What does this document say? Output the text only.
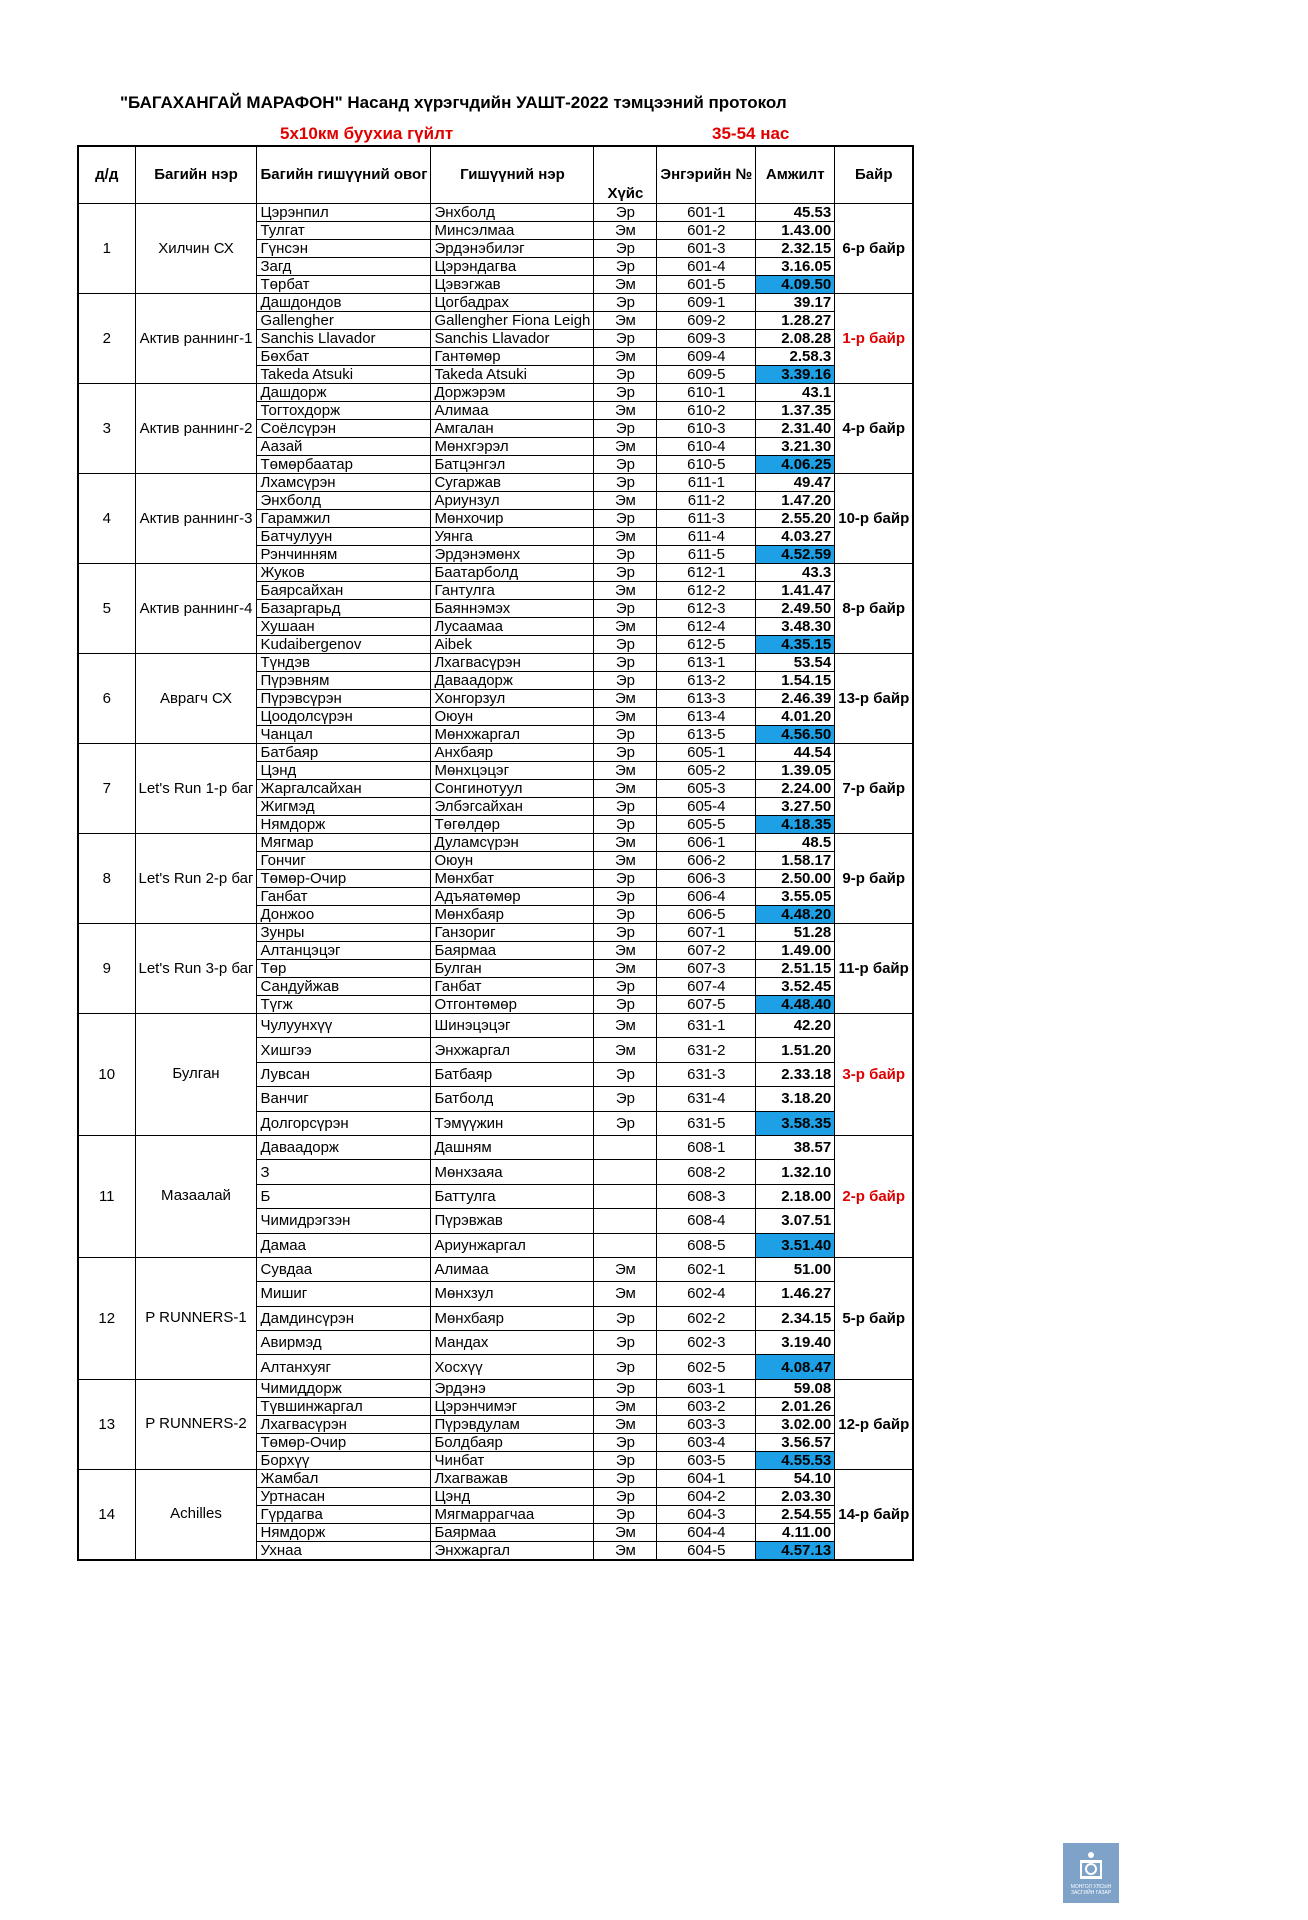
"БАГАХАНГАЙ МАРАФОН" Насанд хүрэгчдийн УАШТ-2022 тэмцээний протокол
5х10км буухиа гүйлт	35-54 нас
д/д	Багийн нэр	Багийн гишүүний овог	Гишүүний нэр	Хүйс	Энгэрийн №	Амжилт	Байр
1	Хилчин СХ	Цэрэнпил	Энхболд	Эр	601-1	45.53	6-р байр
		Тулгат	Минсэлмаа	Эм	601-2	1.43.00	
		Гүнсэн	Эрдэнэбилэг	Эр	601-3	2.32.15	
		Загд	Цэрэндагва	Эр	601-4	3.16.05	
		Төрбат	Цэвэгжав	Эм	601-5	4.09.50	
2	Актив раннинг-1	Дашдондов	Цогбадрах	Эр	609-1	39.17	1-р байр
		Gallengher	Gallengher Fiona Leigh	Эм	609-2	1.28.27	
		Sanchis Llavador	Sanchis Llavador	Эр	609-3	2.08.28	
		Бөхбат	Гантөмөр	Эм	609-4	2.58.3	
		Takeda Atsuki	Takeda Atsuki	Эр	609-5	3.39.16	
3	Актив раннинг-2	Дашдорж	Доржэрэм	Эр	610-1	43.1	4-р байр
		Тогтохдорж	Алимаа	Эм	610-2	1.37.35	
		Соёлсүрэн	Амгалан	Эр	610-3	2.31.40	
		Аазай	Мөнхгэрэл	Эм	610-4	3.21.30	
		Төмөрбаатар	Батцэнгэл	Эр	610-5	4.06.25	
4	Актив раннинг-3	Лхамсүрэн	Сугаржав	Эр	611-1	49.47	10-р байр
		Энхболд	Ариунзул	Эм	611-2	1.47.20	
		Гарамжил	Мөнхочир	Эр	611-3	2.55.20	
		Батчулуун	Уянга	Эм	611-4	4.03.27	
		Рэнчинням	Эрдэнэмөнх	Эр	611-5	4.52.59	
5	Актив раннинг-4	Жуков	Баатарболд	Эр	612-1	43.3	8-р байр
		Баярсайхан	Гантулга	Эм	612-2	1.41.47	
		Базаргарьд	Баяннэмэх	Эр	612-3	2.49.50	
		Хушаан	Лусаамаа	Эм	612-4	3.48.30	
		Kudaibergenov	Aibek	Эр	612-5	4.35.15	
6	Аврагч СХ	Түндэв	Лхагвасүрэн	Эр	613-1	53.54	13-р байр
		Пүрэвням	Даваадорж	Эр	613-2	1.54.15	
		Пүрэвсүрэн	Хонгорзул	Эм	613-3	2.46.39	
		Цоодолсүрэн	Оюун	Эм	613-4	4.01.20	
		Чанцал	Мөнхжаргал	Эр	613-5	4.56.50	
7	Let's Run 1-р баг	Батбаяр	Анхбаяр	Эр	605-1	44.54	7-р байр
		Цэнд	Мөнхцэцэг	Эм	605-2	1.39.05	
		Жаргалсайхан	Сонгинотуул	Эм	605-3	2.24.00	
		Жигмэд	Элбэгсайхан	Эр	605-4	3.27.50	
		Нямдорж	Төгөлдөр	Эр	605-5	4.18.35	
8	Let's Run 2-р баг	Мягмар	Дуламсүрэн	Эм	606-1	48.5	9-р байр
		Гончиг	Оюун	Эм	606-2	1.58.17	
		Төмөр-Очир	Мөнхбат	Эр	606-3	2.50.00	
		Ганбат	Адъяатөмөр	Эр	606-4	3.55.05	
		Донжоо	Мөнхбаяр	Эр	606-5	4.48.20	
9	Let's Run 3-р баг	Зунры	Ганзориг	Эр	607-1	51.28	11-р байр
		Алтанцэцэг	Баярмаа	Эм	607-2	1.49.00	
		Төр	Булган	Эм	607-3	2.51.15	
		Сандуйжав	Ганбат	Эр	607-4	3.52.45	
		Түгж	Отгонтөмөр	Эр	607-5	4.48.40	
10	Булган	Чулуунхүү	Шинэцэцэг	Эм	631-1	42.20	3-р байр
		Хишгээ	Энхжаргал	Эм	631-2	1.51.20	
		Лувсан	Батбаяр	Эр	631-3	2.33.18	
		Ванчиг	Батболд	Эр	631-4	3.18.20	
		Долгорсүрэн	Тэмүүжин	Эр	631-5	3.58.35	
11	Мазаалай	Даваадорж	Дашням		608-1	38.57	2-р байр
		З	Мөнхзаяа		608-2	1.32.10	
		Б	Баттулга		608-3	2.18.00	
		Чимидрэгзэн	Пүрэвжав		608-4	3.07.51	
		Дамаа	Ариунжаргал		608-5	3.51.40	
12	P RUNNERS-1	Сувдаа	Алимаа	Эм	602-1	51.00	5-р байр
		Мишиг	Мөнхзул	Эм	602-4	1.46.27	
		Дамдинсүрэн	Мөнхбаяр	Эр	602-2	2.34.15	
		Авирмэд	Мандах	Эр	602-3	3.19.40	
		Алтанхуяг	Хосхүү	Эр	602-5	4.08.47	
13	P RUNNERS-2	Чимиддорж	Эрдэнэ	Эр	603-1	59.08	12-р байр
		Түвшинжаргал	Цэрэнчимэг	Эм	603-2	2.01.26	
		Лхагвасүрэн	Пүрэвдулам	Эм	603-3	3.02.00	
		Төмөр-Очир	Болдбаяр	Эр	603-4	3.56.57	
		Борхүү	Чинбат	Эр	603-5	4.55.53	
14	Achilles	Жамбал	Лхагважав	Эр	604-1	54.10	14-р байр
		Уртнасан	Цэнд	Эр	604-2	2.03.30	
		Гүрдагва	Мягмаррагчаа	Эр	604-3	2.54.55	
		Нямдорж	Баярмаа	Эм	604-4	4.11.00	
		Ухнаа	Энхжаргал	Эм	604-5	4.57.13	
МОНГОЛ УЛСЫН ЗАСГИЙН ГАЗАР
